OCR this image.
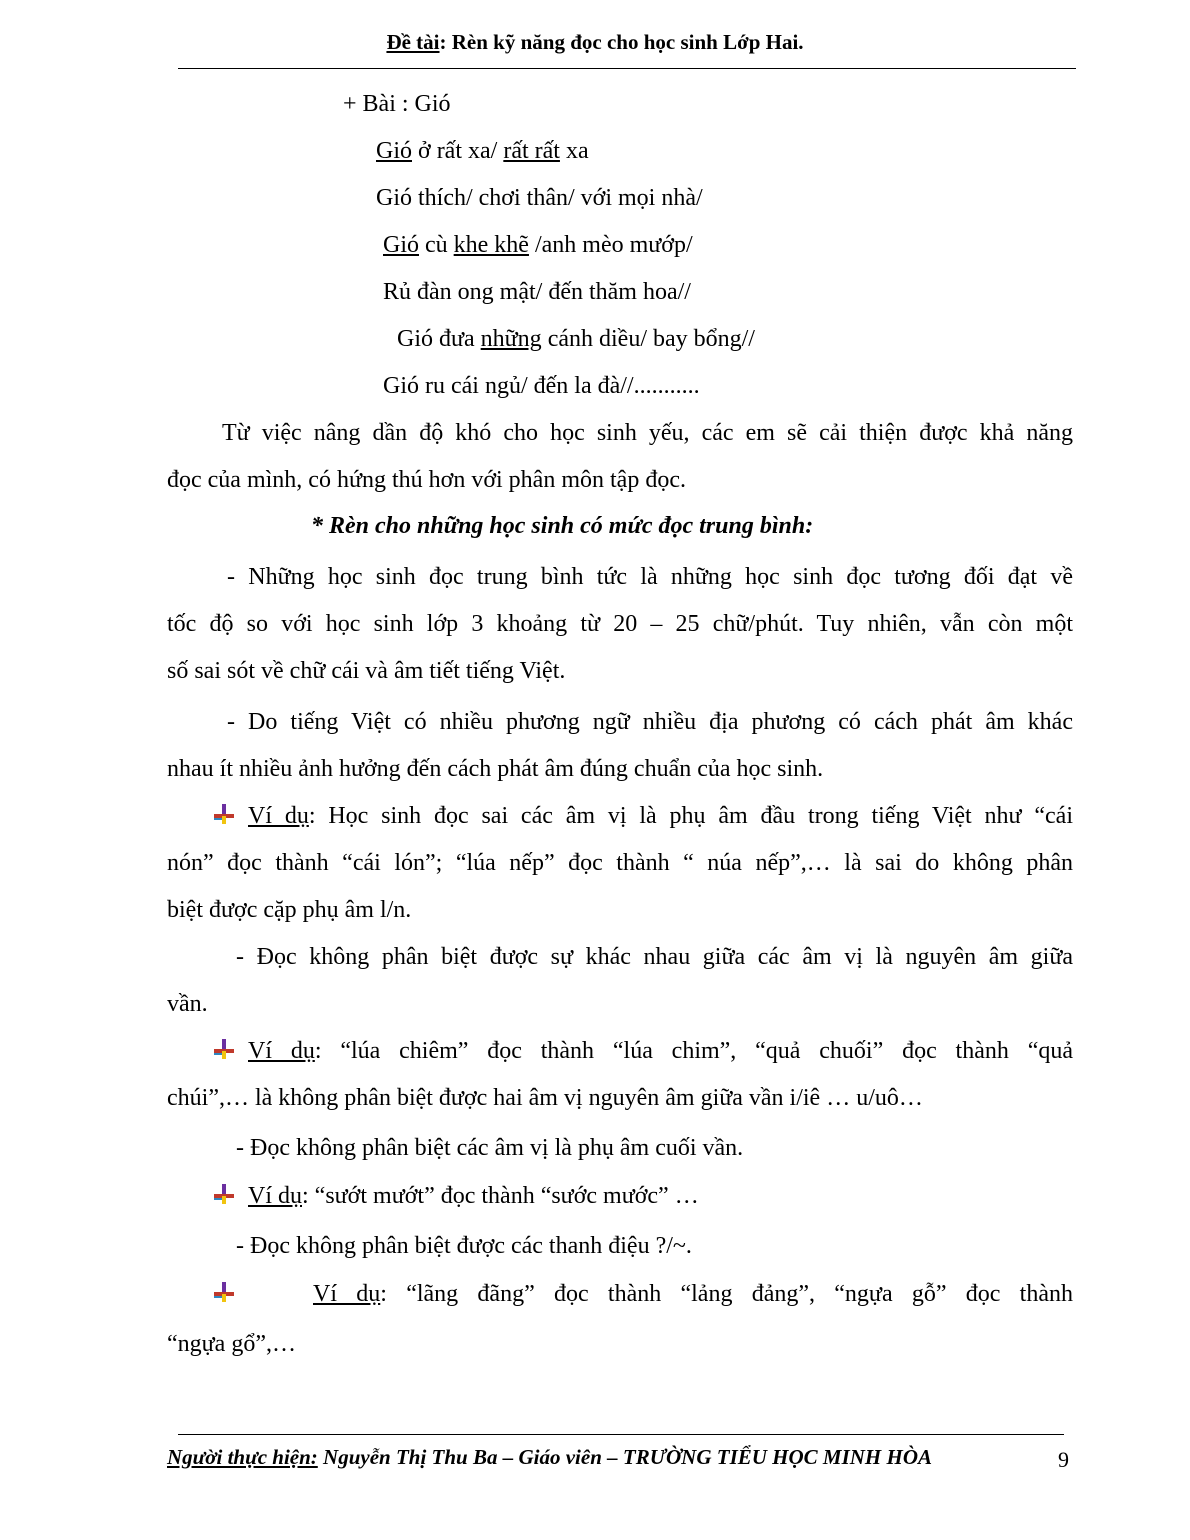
Đề tài: Rèn kỹ năng đọc cho học sinh Lớp Hai.
+ Bài : Gió
Gió ở rất xa/ rất rất xa
Gió thích/ chơi thân/ với mọi nhà/
Gió cù khe khẽ /anh mèo mướp/
Rủ đàn ong mật/ đến thăm hoa//
Gió đưa những cánh diều/ bay bổng//
Gió ru cái ngủ/ đến la đà//...........
Từ việc nâng dần độ khó cho học sinh yếu, các em sẽ cải thiện được khả năng
đọc của mình, có hứng thú hơn với phân môn tập đọc.
* Rèn cho những học sinh có mức đọc trung bình:
- Những học sinh đọc trung bình tức là những học sinh đọc tương đối đạt về
tốc độ so với học sinh lớp 3 khoảng từ 20 – 25 chữ/phút. Tuy nhiên, vẫn còn một
số sai sót về chữ cái và âm tiết tiếng Việt.
- Do tiếng Việt có nhiều phương ngữ nhiều địa phương có cách phát âm khác
nhau ít nhiều ảnh hưởng đến cách phát âm đúng chuẩn của học sinh.
Ví dụ: Học sinh đọc sai các âm vị là phụ âm đầu trong tiếng Việt như “cái
nón” đọc thành “cái lón”; “lúa nếp” đọc thành “ núa nếp”,… là sai do không phân
biệt được cặp phụ âm l/n.
- Đọc không phân biệt được sự khác nhau giữa các âm vị là nguyên âm giữa
vần.
Ví dụ: “lúa chiêm” đọc thành “lúa chim”, “quả chuối” đọc thành “quả
chúi”,… là không phân biệt được hai âm vị nguyên âm giữa vần i/iê … u/uô…
- Đọc không phân biệt các âm vị là phụ âm cuối vần.
Ví dụ: “sướt mướt” đọc thành “sước mước” …
- Đọc không phân biệt được các thanh điệu ?/~.
Ví dụ: “lãng đãng” đọc thành “lảng đảng”, “ngựa gỗ” đọc thành
“ngựa gổ”,…
Người thực hiện: Nguyễn Thị Thu Ba – Giáo viên – TRƯỜNG TIỂU HỌC MINH HÒA	9
